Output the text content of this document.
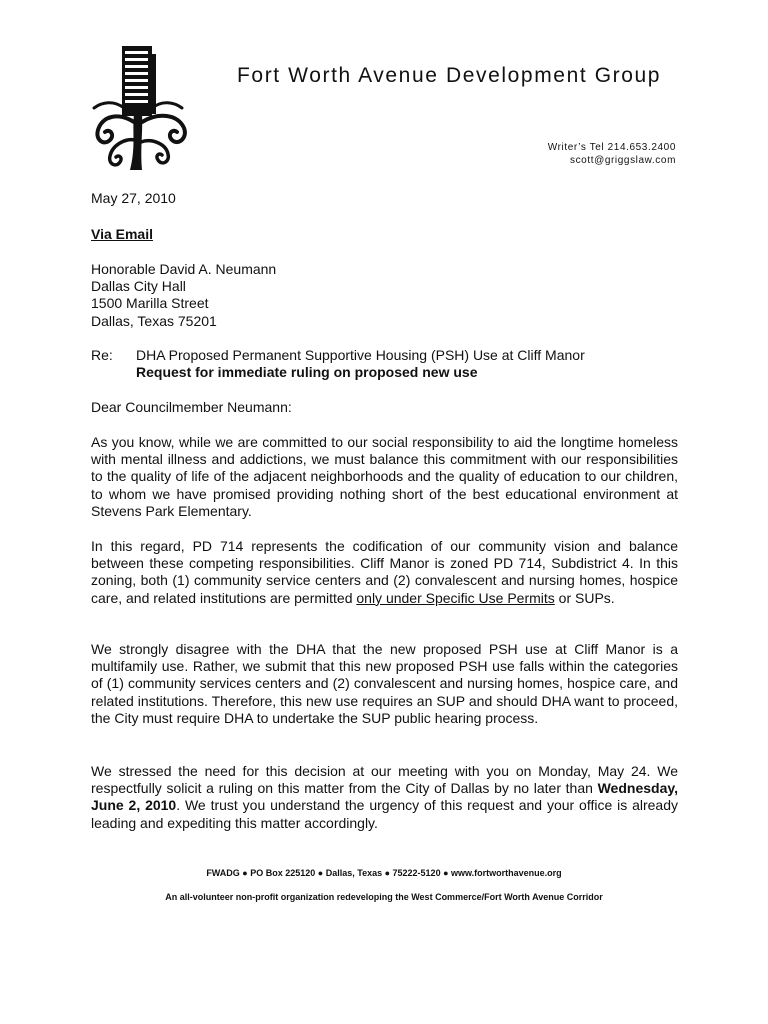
Fort Worth Avenue Development Group
Writer’s Tel 214.653.2400
scott@griggslaw.com
May 27, 2010
Via Email
Honorable David A. Neumann
Dallas City Hall
1500 Marilla Street
Dallas, Texas 75201
Re: DHA Proposed Permanent Supportive Housing (PSH) Use at Cliff Manor
Request for immediate ruling on proposed new use
Dear Councilmember Neumann:
As you know, while we are committed to our social responsibility to aid the longtime homeless with mental illness and addictions, we must balance this commitment with our responsibilities to the quality of life of the adjacent neighborhoods and the quality of education to our children, to whom we have promised providing nothing short of the best educational environment at Stevens Park Elementary.
In this regard, PD 714 represents the codification of our community vision and balance between these competing responsibilities. Cliff Manor is zoned PD 714, Subdistrict 4. In this zoning, both (1) community service centers and (2) convalescent and nursing homes, hospice care, and related institutions are permitted only under Specific Use Permits or SUPs.
We strongly disagree with the DHA that the new proposed PSH use at Cliff Manor is a multifamily use. Rather, we submit that this new proposed PSH use falls within the categories of (1) community services centers and (2) convalescent and nursing homes, hospice care, and related institutions. Therefore, this new use requires an SUP and should DHA want to proceed, the City must require DHA to undertake the SUP public hearing process.
We stressed the need for this decision at our meeting with you on Monday, May 24. We respectfully solicit a ruling on this matter from the City of Dallas by no later than Wednesday, June 2, 2010. We trust you understand the urgency of this request and your office is already leading and expediting this matter accordingly.
FWADG ● PO Box 225120 ● Dallas, Texas ● 75222-5120 ● www.fortworthavenue.org
An all-volunteer non-profit organization redeveloping the West Commerce/Fort Worth Avenue Corridor
